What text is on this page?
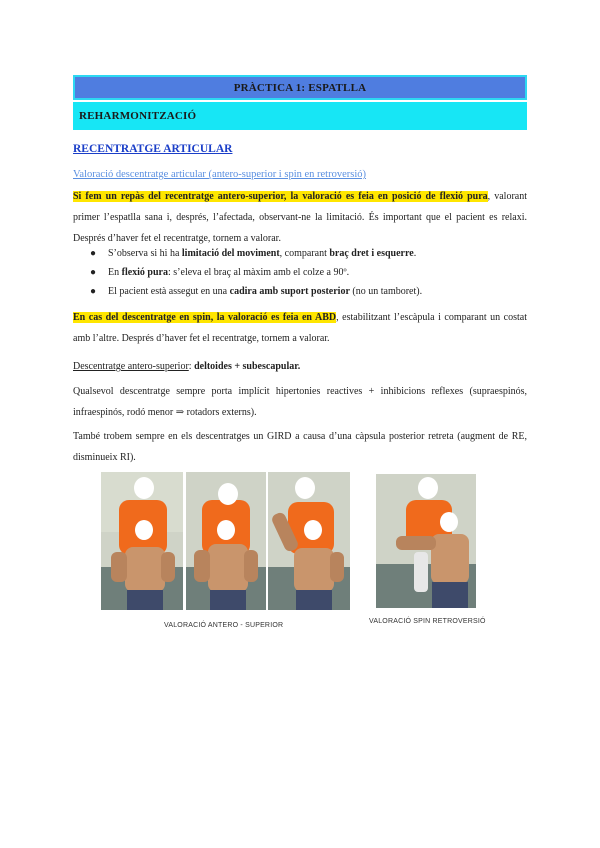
PRÀCTICA 1: ESPATLLA
REHARMONITZACIÓ
RECENTRATGE ARTICULAR
Valoració descentratge articular (antero-superior i spin en retroversió)

Si fem un repàs del recentratge antero-superior, la valoració es feia en posició de flexió pura, valorant primer l’espatlla sana i, després, l’afectada, observant-ne la limitació. És important que el pacient es relaxi. Després d’haver fet el recentratge, tornem a valorar.

● S’observa si hi ha limitació del moviment, comparant braç dret i esquerre.
● En flexió pura: s’eleva el braç al màxim amb el colze a 90º.
● El pacient està assegut en una cadira amb suport posterior (no un tamboret).

En cas del descentratge en spin, la valoració es feia en ABD, estabilitzant l’escàpula i comparant un costat amb l’altre. Després d’haver fet el recentratge, tornem a valorar.

Descentratge antero-superior: deltoides + subescapular.

Qualsevol descentratge sempre porta implícit hipertonies reactives + inhibicions reflexes (supraespinós, infraespinós, rodó menor ⇒ rotadors externs).

També trobem sempre en els descentratges un GIRD a causa d’una càpsula posterior retreta (augment de RE, disminueix RI).

VALORACIÓ ANTERO - SUPERIOR
VALORACIÓ SPIN RETROVERSIÓ
